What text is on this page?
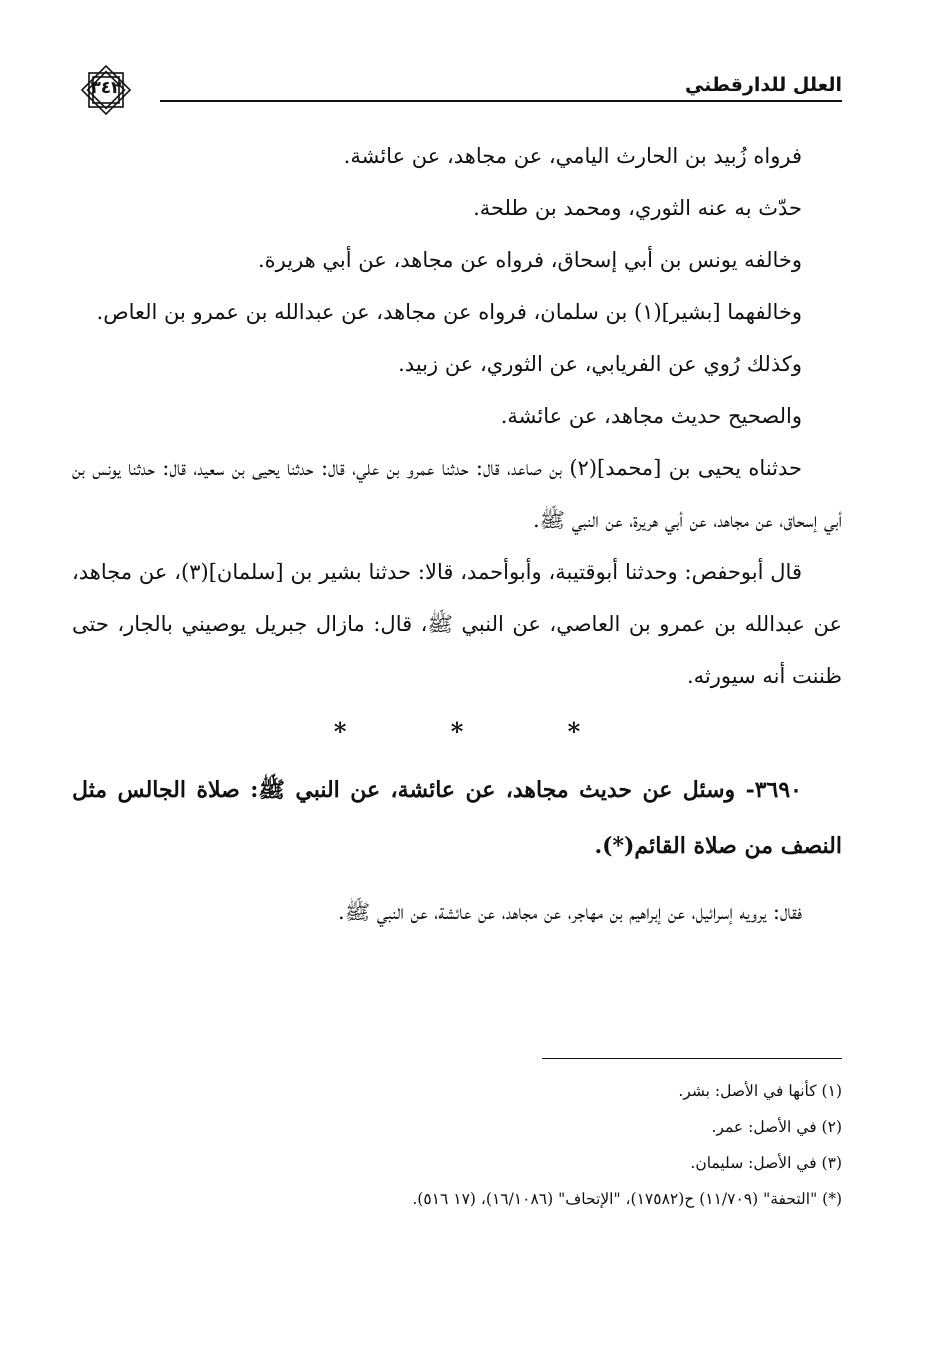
العلل للدارقطني
٣٤٢

فرواه زُبيد بن الحارث اليامي، عن مجاهد، عن عائشة.

حدّث به عنه الثوري، ومحمد بن طلحة.

وخالفه يونس بن أبي إسحاق، فرواه عن مجاهد، عن أبي هريرة.

وخالفهما [بشير](١) بن سلمان، فرواه عن مجاهد، عن عبدالله بن عمرو بن العاص.

وكذلك رُوي عن الفريابي، عن الثوري، عن زبيد.

والصحيح حديث مجاهد، عن عائشة.

حدثناه يحيى بن [محمد](٢) بن صاعد، قال: حدثنا عمرو بن علي، قال: حدثنا يحيى بن سعيد، قال: حدثنا يونس بن أبي إسحاق، عن مجاهد، عن أبي هريرة، عن النبي ﷺ.

قال أبوحفص: وحدثنا أبوقتيبة، وأبوأحمد، قالا: حدثنا بشير بن [سلمان](٣)، عن مجاهد، عن عبدالله بن عمرو بن العاصي، عن النبي ﷺ، قال: مازال جبريل يوصيني بالجار، حتى ظننت أنه سيورثه.

* * *

٣٦٩٠- وسئل عن حديث مجاهد، عن عائشة، عن النبي ﷺ: صلاة الجالس مثل النصف من صلاة القائم(*).

فقال: يرويه إسرائيل، عن إبراهيم بن مهاجر، عن مجاهد، عن عائشة، عن النبي ﷺ.

(١) كأنها في الأصل: بشر.

(٢) في الأصل: عمر.

(٣) في الأصل: سليمان.

(*) "التحفة" (١١/٧٠٩) ح(١٧٥٨٢)، "الإتحاف" (١٦/١٠٨٦)، (١٧ ٥١٦).
